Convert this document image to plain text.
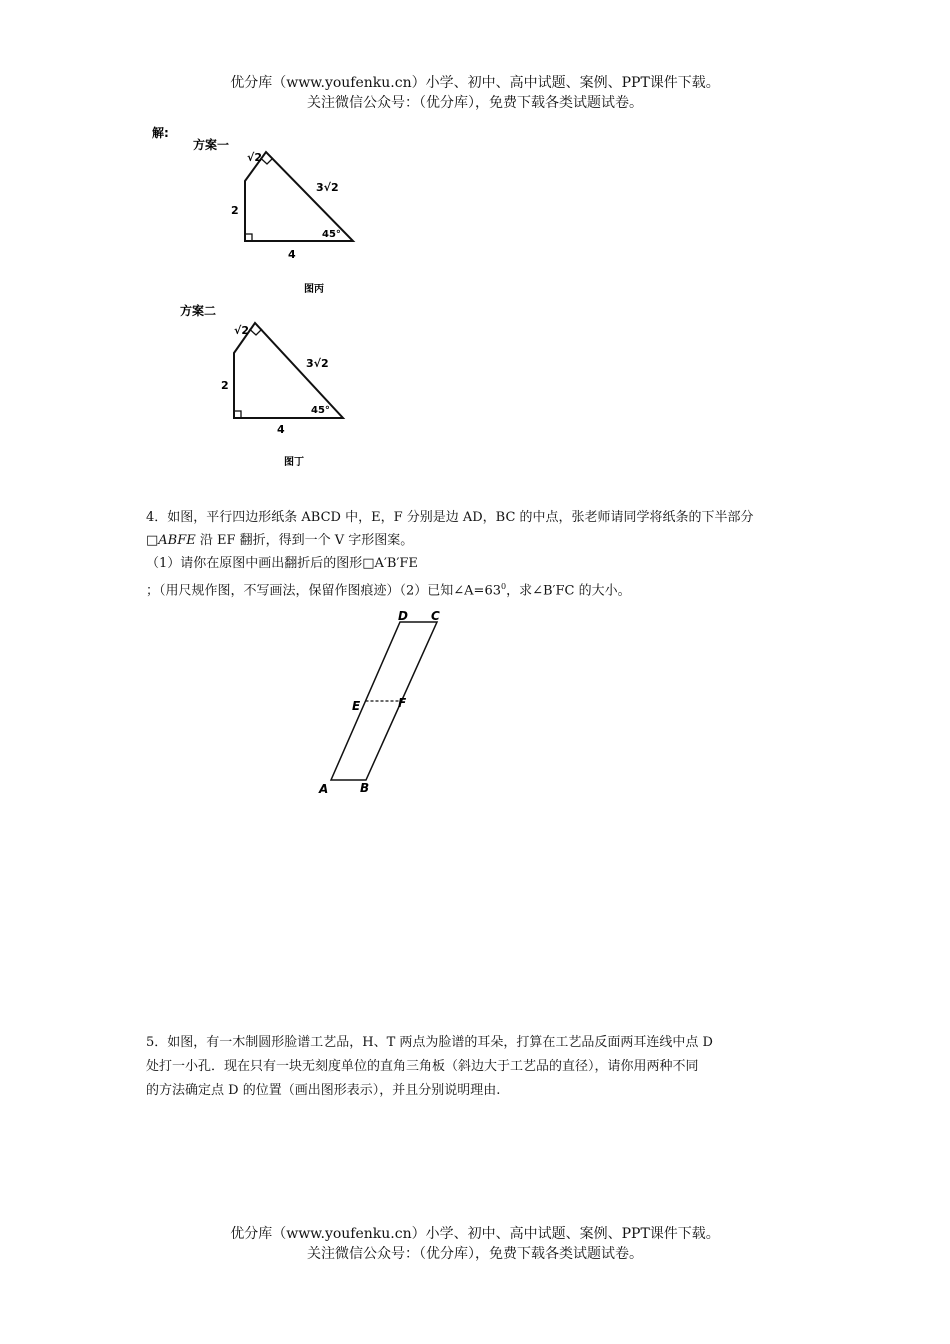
优分库（www.youfenku.cn）小学、初中、高中试题、案例、PPT课件下载。
关注微信公众号：（优分库），免费下载各类试题试卷。
解:
方案一
√2
3√2
2
45°
4
图丙
方案二
√2
3√2
2
45°
4
图丁
4．如图，平行四边形纸条 ABCD 中，E，F 分别是边 AD，BC 的中点，张老师请同学将纸条的下半部分
□ABFE 沿 EF 翻折，得到一个 V 字形图案。
（1）请你在原图中画出翻折后的图形□A′B′FE
；（用尺规作图，不写画法，保留作图痕迹）（2）已知$\angle A=63^0$，求∠B′FC 的大小。
D C
E	F
A	B
5．如图，有一木制圆形脸谱工艺品，H、T 两点为脸谱的耳朵，打算在工艺品反面两耳连线中点 D
处打一小孔．现在只有一块无刻度单位的直角三角板（斜边大于工艺品的直径），请你用两种不同
的方法确定点 D 的位置（画出图形表示），并且分别说明理由.
优分库（www.youfenku.cn）小学、初中、高中试题、案例、PPT课件下载。
关注微信公众号：（优分库），免费下载各类试题试卷。
